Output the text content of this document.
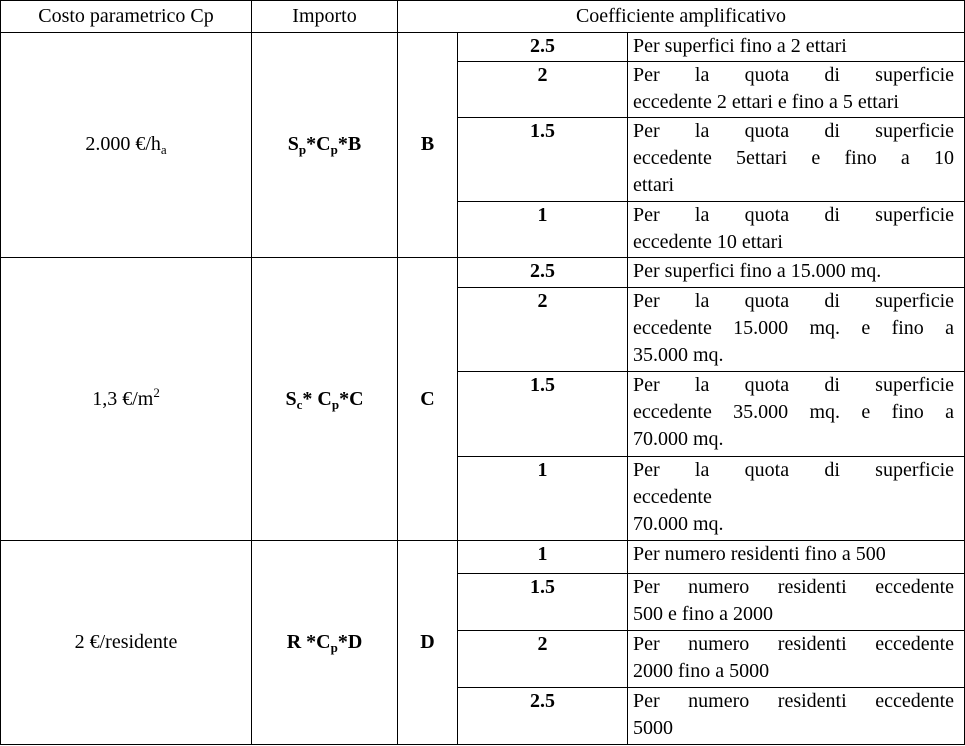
Costo parametrico Cp	Importo	Coefficiente amplificativo		
2.000 $€/h_a$	$S_p*C_p*B$	B	2.5	Per superfici fino a 2 ettari

			2	Per la quota di superficie
eccedente 2 ettari e fino a 5 ettari

			1.5	Per la quota di superficie
eccedente 5ettari e fino a 10
ettari

			1	Per la quota di superficie
eccedente 10 ettari

1,3 $€/m^2$	$S_c*$ $C_p*C$	C	2.5	Per superfici fino a 15.000 mq.

			2	Per la quota di superficie
eccedente 15.000 mq. e fino a
35.000 mq.

			1.5	Per la quota di superficie
eccedente 35.000 mq. e fino a
70.000 mq.

			1	Per la quota di superficie
eccedente
70.000 mq.

2 €/residente	R $*C_p*D$	D	1	Per numero residenti fino a 500

			1.5	Per numero residenti eccedente
500 e fino a 2000

			2	Per numero residenti eccedente
2000 fino a 5000

			2.5	Per numero residenti eccedente
5000
